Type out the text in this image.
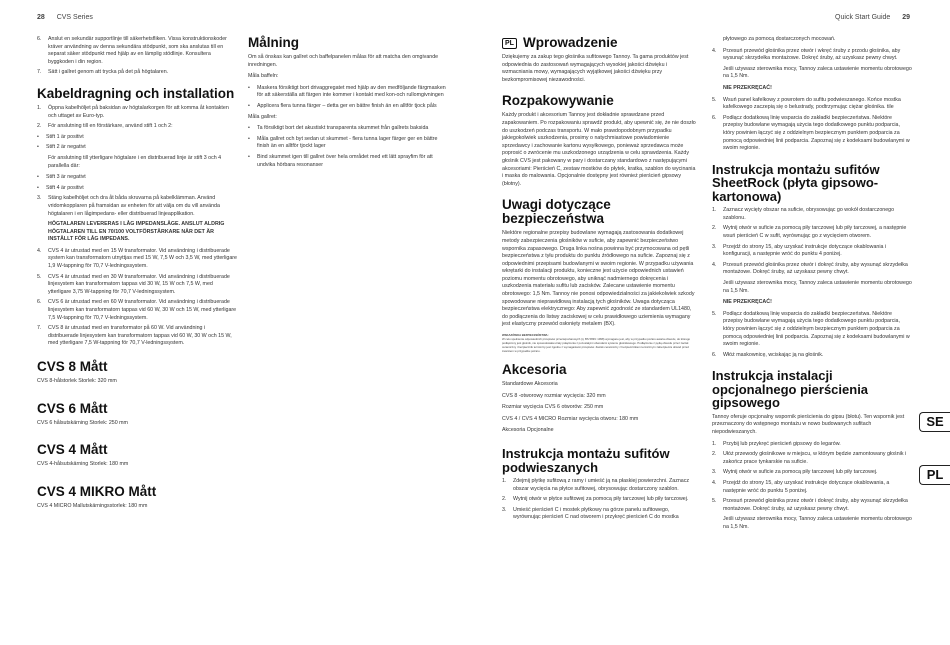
28 CVS Series	Quick Start Guide 29
6.	Anslut en sekundär supportlinje till säkerhetsfliken. Vissa konstruktionskoder kräver användning av denna sekundära stödpunkt, som ska anslutas till en separat säker stödpunkt med hjälp av en lämplig stödlinje. Konsultera byggkoden i din region.
7.	Sätt i gallret genom att trycka på det på högtalaren.
Kabeldragning och installation
1.	Öppna kabelhöljet på baksidan av högtalarkorgen för att komma åt kontakten och uttaget av Euro-typ.
2.	För anslutning till en förstärkare, använd stift 1 och 2:
•	Stift 1 är positivt
•	Stift 2 är negativt

För anslutning till ytterligare högtalare i en distribuerad linje är stift 3 och 4 parallella där:

•	Stift 3 är negativt
•	Stift 4 är positivt
3.	Stäng kabelhöljet och dra åt båda skruvarna på kabelklämman. Använd vridomkopplaren på framsidan av enheten för att välja om du vill använda högtalaren i en lågimpedans- eller distribuerad linjeapplikation.

HÖGTALAREN LEVERERAS I LÅG IMPEDANSLÄGE. ANSLUT ALDRIG HÖGTALAREN TILL EN 70/100 VOLTFÖRSTÄRKARE NÄR DET ÄR INSTÄLLT FÖR LÅG IMPEDANS.

4.	CVS 4 är utrustad med en 15 W transformator. Vid användning i distribuerade system kan transformatorn utnyttjas med 15 W, 7,5 W och 3,5 W, med ytterligare 1,9 W-tappning för 70,7 V-ledningssystem.
5.	CVS 4 är utrustad med en 30 W transformator. Vid användning i distribuerade linjesystem kan transformatorn tappas vid 30 W, 15 W och 7,5 W, med ytterligare 3,75 W-tappning för 70,7 V-ledningssystem.
6.	CVS 6 är utrustad med en 60 W transformator. Vid användning i distribuerade linjesystem kan transformatorn tappas vid 60 W, 30 W och 15 W, med ytterligare 7,5 W-tappning för 70,7 V-ledningssystem.
7.	CVS 8 är utrustad med en transformator på 60 W. Vid användning i distribuerade linjesystem kan transformatorn tappas vid 60 W, 30 W och 15 W, med ytterligare 7,5 W-tappning för 70,7 V-ledningssystem.
CVS 8 Mått

CVS 8-hålstorlek Storlek: 320 mm

CVS 6 Mått

CVS 6 hålsutskärning Storlek: 250 mm

CVS 4 Mått

CVS 4-hålsutskärning Storlek: 180 mm

CVS 4 MIKRO Mått

CVS 4 MICRO Mallutskärningsstorlek: 180 mm

Målning

Om så önskas kan gallret och baffelpanelen målas för att matcha den omgivande inredningen.

Måla baffeln:

•	Maskera försiktigt bort drivaggregatet med hjälp av den medföljande färgmasken för att säkerställa att färgen inte kommer i kontakt med kon-och rullomgivningen
•	Applicera flera tunna färger – detta ger en bättre finish än en alltför tjock påls

Måla gallret:

•	Ta försiktigt bort det akustiskt transparenta skummet från gallrets baksida
•	Måla gallret och byt sedan ut skummet - flera tunna lager färger ger en bättre finish än en alltför tjockt lager
•	Bind skummet igen till gallret över hela området med ett lätt sprayfim för att undvika hörbara resonanser
PL Wprowadzenie

Dziękujemy za zakup tego głośnika sufitowego Tannoy. Ta gama produktów jest odpowiednia do zastosowań wymagających wysokiej jakości dźwięku i wzmacniania mowy, wymagających wyjątkowej jakości dźwięku przy bezkompromisowej niezawodności.

Rozpakowywanie

Każdy produkt i akcesorium Tannoy jest dokładnie sprawdzane przed zapakowaniem. Po rozpakowaniu sprawdź produkt, aby upewnić się, że nie doszło do uszkodzeń podczas transportu. W mało prawdopodobnym przypadku jakiegokolwiek uszkodzenia, prosimy o natychmiastowe powiadomienie sprzedawcy i zachowanie kartonu wysyłkowego, ponieważ sprzedawca może poprosić o zwrócenie mu uszkodzonego urządzenia w celu sprawdzenia. Każdy głośnik CVS jest pakowany w pary i dostarczany standardowo z następującymi akcesoriami: Pierścień C, zestaw mostków do płytek, kratka, szablon do wycinania i maska do malowania. Opcjonalnie dostępny jest również pierścień gipsowy (błotny).

Uwagi dotyczące bezpieczeństwa

Niektóre regionalne przepisy budowlane wymagają zastosowania dodatkowej metody zabezpieczenia głośników w suficie, aby zapewnić bezpieczeństwo wspornika zapasowego. Druga linka nośna powinna być przymocowana od pętli bezpieczeństwa z tyłu produktu do punktu źródłowego na suficie. Zapoznaj się z odpowiednimi przepisami budowlanymi w swoim regionie. W przypadku używania wkrętarki do instalacji produktu, konieczne jest użycie odpowiednich ustawień poziomu momentu obrotowego, aby uniknąć nadmiernego dokręcenia i uszkodzenia materiału sufitu lub zacisków. Zalecane ustawienie momentu obrotowego: 1,5 Nm. Tannoy nie ponosi odpowiedzialności za jakiekolwiek szkody spowodowane nieprawidłową instalacją tych głośników. Uwaga dotycząca bezpieczeństwa elektrycznego: Aby zapewnić zgodność ze standardem UL1480, do podłączenia do listwy zaciskowej w celu prawidłowego uziemienia wymagany jest elastyczny przewód osłonięty metalem (BX).

WSKAZÓWKA BEZPIECZEŃSTWA:
W celu spełnienia odpowiednich przepisów przeciwpożarowych (tj. BS 5839: 1998) wymagane jest, aby w przypadku pożaru awaria obwodu, do którego podłączony jest głośnik, nie spowodowała utraty połączenia z pozostałymi obwodami systemu głośnikowego. Podłączenie z pętlą obwodu przez zacisk ceramiczny i bezpiecznik termiczny jest zgodne z wymaganiami przepisów. Zacisk ceramiczny z bezpiecznikiem termicznym zabezpiecza obwód przed zwarciem w przypadku pożaru.

Akcesoria

Standardowe Akcesoria

CVS 8 -otworowy rozmiar wycięcia: 320 mm

Rozmiar wycięcia CVS 6 otworów: 250 mm

CVS 4 / CVS 4 MICRO Rozmiar wycięcia otworu: 180 mm

Akcesoria Opcjonalne

Instrukcja montażu sufitów podwieszanych
1.	Zdejmij płytkę sufitową z ramy i umieść ją na płaskiej powierzchni. Zaznacz obszar wycięcia na płytce sufitowej, obrysowując dostarczony szablon.
2.	Wytnij otwór w płytce sufitowej za pomocą piły tarczowej lub piły tarczowej.
3.	Umieść pierścień C i mostek płytkowy na górze panelu sufitowego, wyrównując pierścień C nad otworem i przykręć pierścień C do mostka

płytowego za pomocą dostarczonych mocowań.

4.	Przesuń przewód głośnika przez otwór i wkręć śruby z przodu głośnika, aby wysunąć skrzydełka montażowe. Dokręć śruby, aż uzyskasz pewny chwyt.

Jeśli używasz sterownika mocy, Tannoy zaleca ustawienie momentu obrotowego na 1,5 Nm.

NIE PRZEKRĘCAĆ!

5.	Wsuń panel kafelkowy z powrotem do sufitu podwieszanego. Końce mostka kafelkowego zaczepią się o belustrady, podtrzymując ciężar głośnika. tile
6.	Podłącz dodatkową linię wsparcia do zakładki bezpieczeństwa. Niektóre przepisy budowlane wymagają użycia tego dodatkowego punktu podparcia, który powinien łączyć się z oddzielnym bezpiecznym punktem podparcia za pomocą odpowiedniej linii podparcia. Zapoznaj się z kodeksami budowlanymi w swoim regionie.
Instrukcja montażu sufitów SheetRock (płyta gipsowo-kartonowa)
1.	Zaznacz wycięty obszar na suficie, obrysowując go wokół dostarczonego szablonu.
2.	Wytnij otwór w suficie za pomocą piły tarczowej lub piły tarczowej, a następnie wsuń pierścień C w sufit, wyrównując go z wycięciem otworem.
3.	Przejdź do strony 15, aby uzyskać instrukcje dotyczące okablowania i konfiguracji, a następnie wróć do punktu 4 poniżej.
4.	Przesuń przewód głośnika przez otwór i dokręć śruby, aby wysunąć skrzydełka montażowe. Dokręć śruby, aż uzyskasz pewny chwyt.

Jeśli używasz sterownika mocy, Tannoy zaleca ustawienie momentu obrotowego na 1,5 Nm.

NIE PRZEKRĘCAĆ!

5.	Podłącz dodatkową linię wsparcia do zakładki bezpieczeństwa. Niektóre przepisy budowlane wymagają użycia tego dodatkowego punktu podparcia, który powinien łączyć się z oddzielnym bezpiecznym punktem podparcia za pomocą odpowiedniej linii podparcia. Zapoznaj się z kodeksami budowlanymi w swoim regionie.
6.	Włóż maskownicę, wciskając ją na głośnik.
Instrukcja instalacji opcjonalnego pierścienia gipsowego

Tannoy oferuje opcjonalny wspornik pierścienia do gipsu (błotu). Ten wspornik jest przeznaczony do wstępnego montażu w nowo budowanych sufitach niepodwieszanych.

1.	Przybij lub przykręć pierścień gipsowy do legarów.
2.	Ułóż przewody głośnikowe w miejscu, w którym będzie zamontowany głośnik i zakończ prace tynkarskie na suficie.
3.	Wytnij otwór w suficie za pomocą piły tarczowej lub piły tarczowej.
4.	Przejdź do strony 15, aby uzyskać instrukcje dotyczące okablowania, a następnie wróć do punktu 5 poniżej.
5.	Przesuń przewód głośnika przez otwór i dokręć śruby, aby wysunąć skrzydełka montażowe. Dokręć śruby, aż uzyskasz pewny chwyt.

Jeśli używasz sterownika mocy, Tannoy zaleca ustawienie momentu obrotowego na 1,5 Nm.

SE
PL
